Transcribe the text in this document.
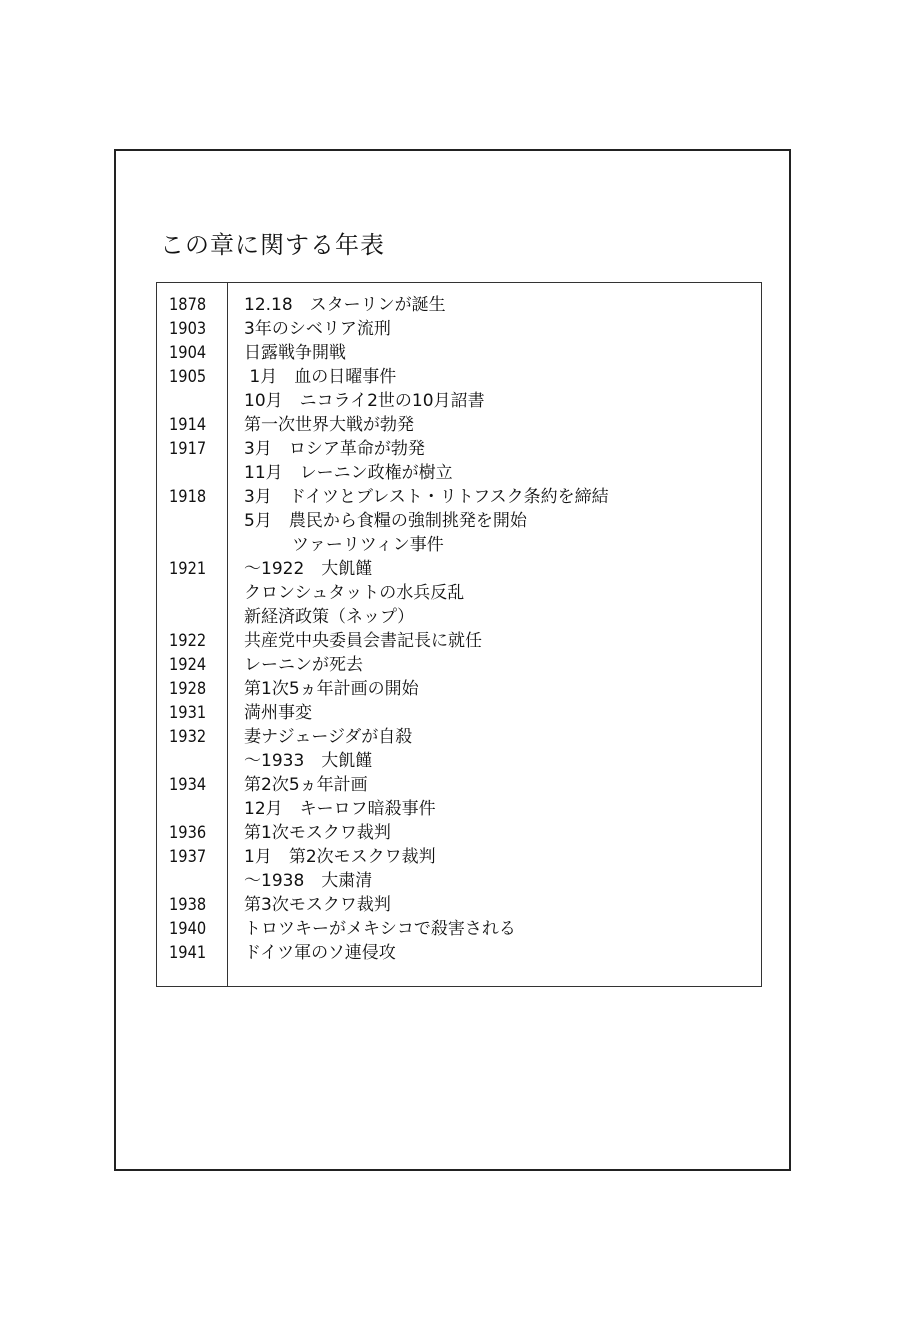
この章に関する年表
1878 12.18　スターリンが誕生
1903 3年のシベリア流刑
1904 日露戦争開戦
1905 1月　血の日曜事件
10月　ニコライ2世の10月詔書
1914 第一次世界大戦が勃発
1917 3月　ロシア革命が勃発
11月　レーニン政権が樹立
1918 3月　ドイツとブレスト・リトフスク条約を締結
5月　農民から食糧の強制挑発を開始
ツァーリツィン事件
1921 ～1922　大飢饉
クロンシュタットの水兵反乱
新経済政策（ネップ）
1922 共産党中央委員会書記長に就任
1924 レーニンが死去
1928 第1次5ヵ年計画の開始
1931 満州事変
1932 妻ナジェージダが自殺
～1933　大飢饉
1934 第2次5ヵ年計画
12月　キーロフ暗殺事件
1936 第1次モスクワ裁判
1937 1月　第2次モスクワ裁判
～1938　大粛清
1938 第3次モスクワ裁判
1940 トロツキーがメキシコで殺害される
1941 ドイツ軍のソ連侵攻
